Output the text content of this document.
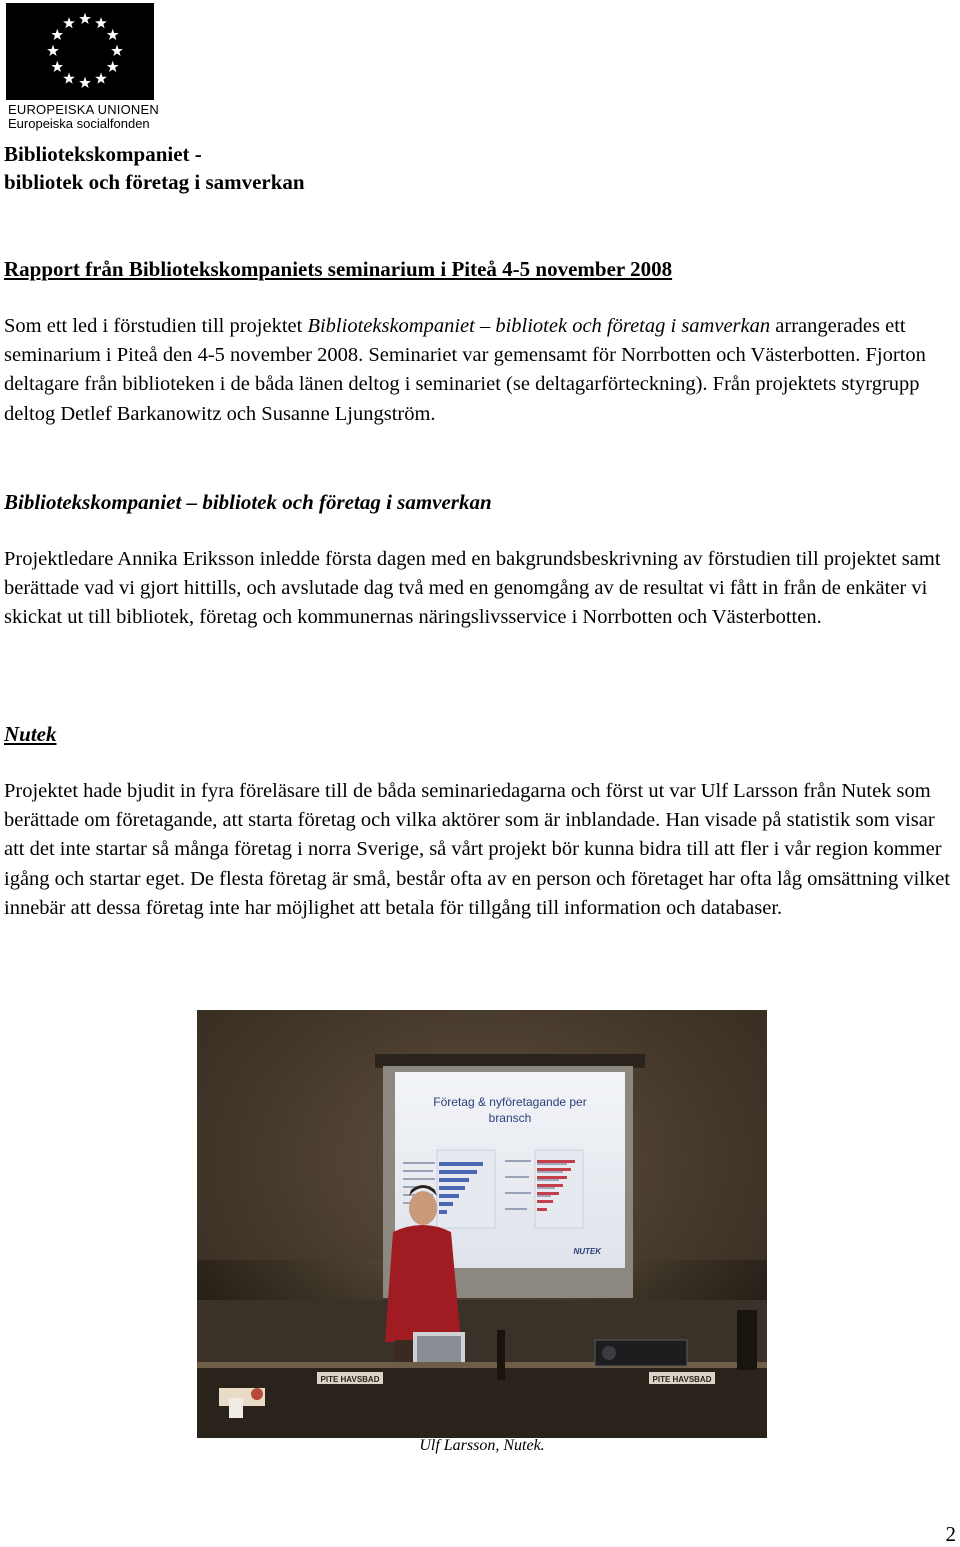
EUROPEISKA UNIONEN
Europeiska socialfonden
Bibliotekskompaniet -
bibliotek och företag i samverkan
Rapport från Bibliotekskompaniets seminarium i Piteå 4-5 november 2008
Som ett led i förstudien till projektet Bibliotekskompaniet – bibliotek och företag i samverkan arrangerades ett seminarium i Piteå den 4-5 november 2008. Seminariet var gemensamt för Norrbotten och Västerbotten. Fjorton deltagare från biblioteken i de båda länen deltog i seminariet (se deltagarförteckning). Från projektets styrgrupp deltog Detlef Barkanowitz och Susanne Ljungström.
Bibliotekskompaniet – bibliotek och företag i samverkan
Projektledare Annika Eriksson inledde första dagen med en bakgrundsbeskrivning av förstudien till projektet samt berättade vad vi gjort hittills, och avslutade dag två med en genomgång av de resultat vi fått in från de enkäter vi skickat ut till bibliotek, företag och kommunernas näringslivsservice i Norrbotten och Västerbotten.
Nutek
Projektet hade bjudit in fyra föreläsare till de båda seminariedagarna och först ut var Ulf Larsson från Nutek som berättade om företagande, att starta företag och vilka aktörer som är inblandade. Han visade på statistik som visar att det inte startar så många företag i norra Sverige, så vårt projekt bör kunna bidra till att fler i vår region kommer igång och startar eget. De flesta företag är små, består ofta av en person och företaget har ofta låg omsättning vilket innebär att dessa företag inte har möjlighet att betala för tillgång till information och databaser.
Företag & nyföretagande per
bransch
NUTEK
PITE HAVSBAD	PITE HAVSBAD
Ulf Larsson, Nutek.
2
